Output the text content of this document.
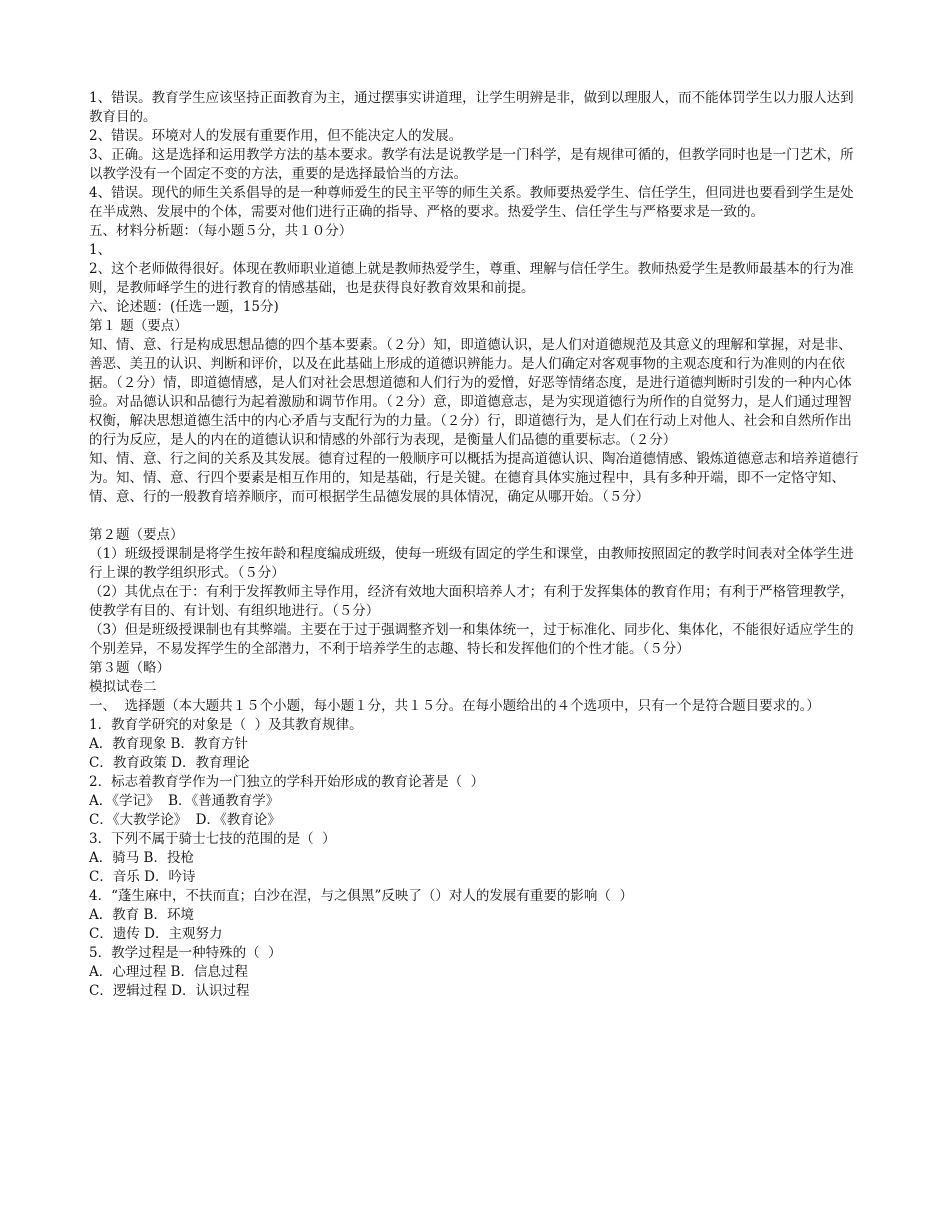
1、错误。教育学生应该坚持正面教育为主，通过摆事实讲道理，让学生明辨是非，做到以理服人，而不能体罚学生以力服人达到教育目的。

2、错误。环境对人的发展有重要作用，但不能决定人的发展。

3、正确。这是选择和运用教学方法的基本要求。教学有法是说教学是一门科学，是有规律可循的，但教学同时也是一门艺术，所以教学没有一个固定不变的方法，重要的是选择最恰当的方法。

4、错误。现代的师生关系倡导的是一种尊师爱生的民主平等的师生关系。教师要热爱学生、信任学生，但同进也要看到学生是处在半成熟、发展中的个体，需要对他们进行正确的指导、严格的要求。热爱学生、信任学生与严格要求是一致的。

五、材料分析题：（每小题５分，共１０分）

1、

2、这个老师做得很好。体现在教师职业道德上就是教师热爱学生，尊重、理解与信任学生。教师热爱学生是教师最基本的行为准则，是教师峄学生的进行教育的情感基础，也是获得良好教育效果和前提。

六、论述题：(任选一题，15分)

第１ 题（要点）

知、情、意、行是构成思想品德的四个基本要素。（２分）知，即道德认识，是人们对道德规范及其意义的理解和掌握，对是非、善恶、美丑的认识、判断和评价，以及在此基础上形成的道德识辨能力。是人们确定对客观事物的主观态度和行为准则的内在依据。（２分）情，即道德情感，是人们对社会思想道德和人们行为的爱憎，好恶等情绪态度，是进行道德判断时引发的一种内心体验。对品德认识和品德行为起着激励和调节作用。（２分）意，即道德意志，是为实现道德行为所作的自觉努力，是人们通过理智权衡，解决思想道德生活中的内心矛盾与支配行为的力量。（２分）行，即道德行为，是人们在行动上对他人、社会和自然所作出的行为反应，是人的内在的道德认识和情感的外部行为表现，是衡量人们品德的重要标志。（２分）

知、情、意、行之间的关系及其发展。德育过程的一般顺序可以概括为提高道德认识、陶冶道德情感、锻炼道德意志和培养道德行为。知、情、意、行四个要素是相互作用的，知是基础，行是关键。在德育具体实施过程中，具有多种开端，即不一定恪守知、情、意、行的一般教育培养顺序，而可根据学生品德发展的具体情况，确定从哪开始。（５分）

第２题（要点）

（1）班级授课制是将学生按年龄和程度编成班级，使每一班级有固定的学生和课堂，由教师按照固定的教学时间表对全体学生进行上课的教学组织形式。（５分）

（2）其优点在于：有利于发挥教师主导作用，经济有效地大面积培养人才；有利于发挥集体的教育作用；有利于严格管理教学，使教学有目的、有计划、有组织地进行。（５分）

（3）但是班级授课制也有其弊端。主要在于过于强调整齐划一和集体统一，过于标准化、同步化、集体化，不能很好适应学生的个别差异，不易发挥学生的全部潜力，不利于培养学生的志趣、特长和发挥他们的个性才能。（５分）

第３题（略）

模拟试卷二

一、  选择题（本大题共１５个小题，每小题１分，共１５分。在每小题给出的４个选项中，只有一个是符合题目要求的。）

1．教育学研究的对象是（  ）及其教育规律。

A．教育现象 B．教育方针

C．教育政策 D．教育理论

2．标志着教育学作为一门独立的学科开始形成的教育论著是（  ）

A．《学记》  B．《普通教育学》

C．《大教学论》  D．《教育论》

3．下列不属于骑士七技的范围的是（  ）

A．骑马 B．投枪

C．音乐 D．吟诗

4．“蓬生麻中，不扶而直；白沙在涅，与之俱黑”反映了（）对人的发展有重要的影响（  ）

A．教育 B．环境

C．遗传 D．主观努力

5．教学过程是一种特殊的（  ）

A．心理过程 B．信息过程

C．逻辑过程 D．认识过程
